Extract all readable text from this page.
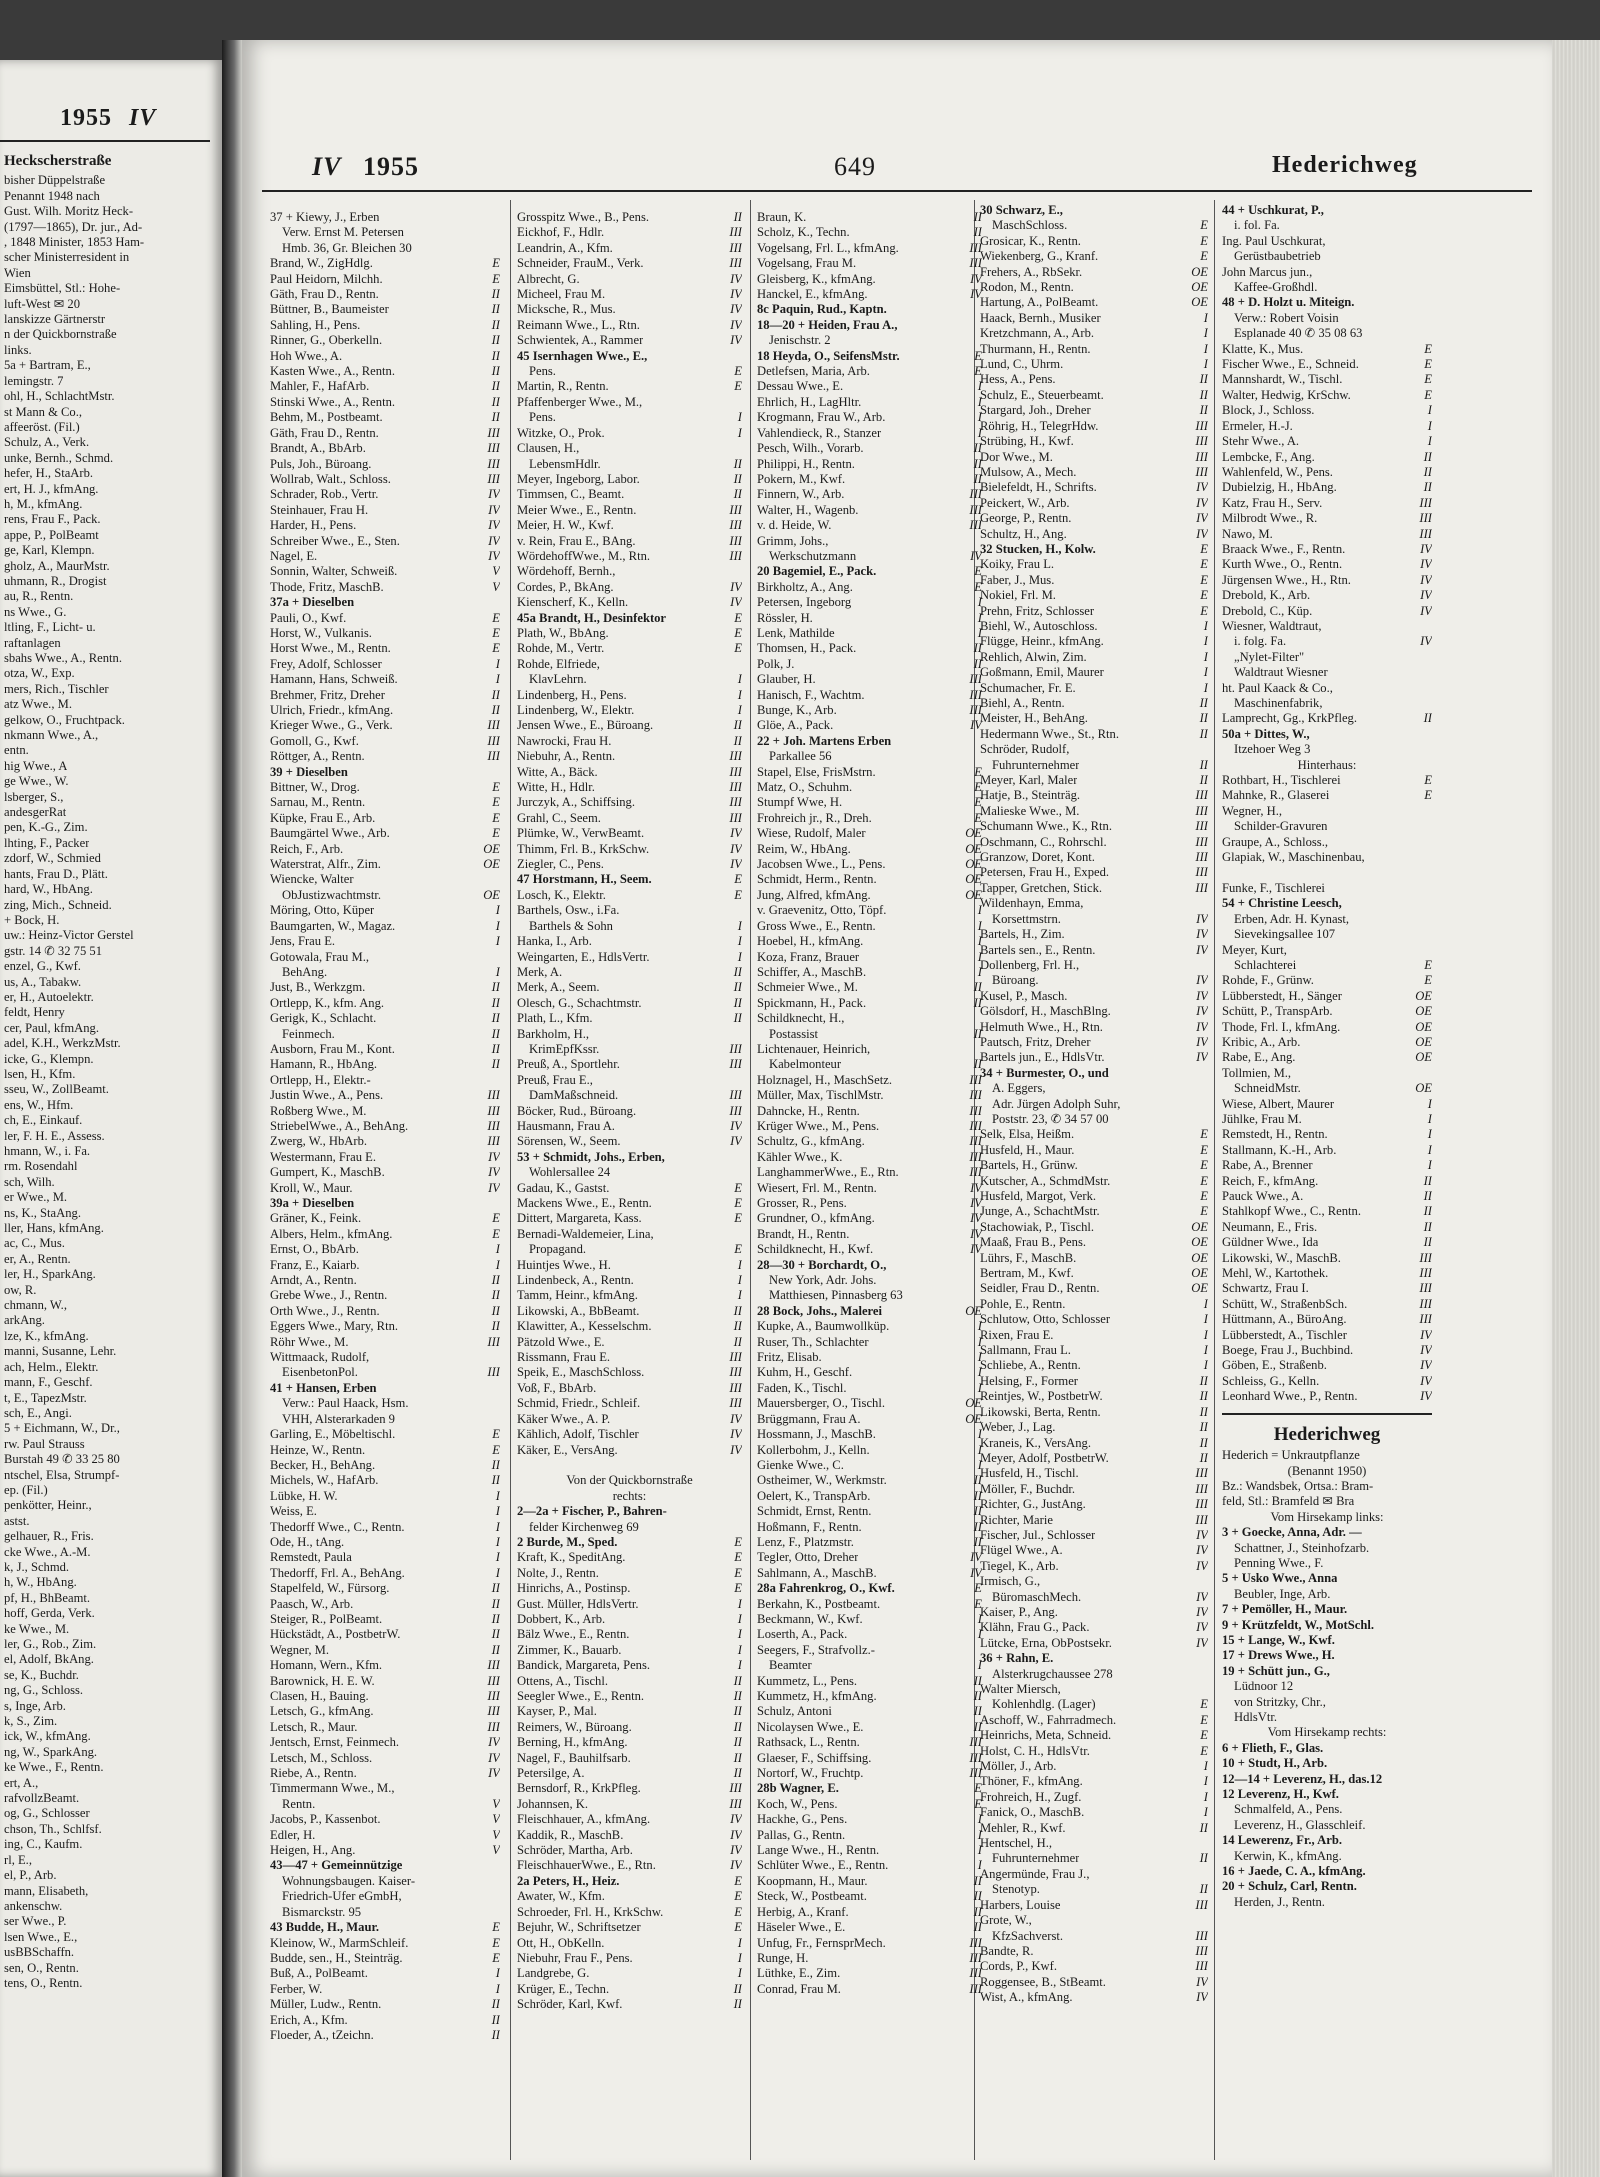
1955 IV
Heckscherstraße
bisher Düppelstraße
Penannt 1948 nach
Gust. Wilh. Moritz Heck-
(1797—1865), Dr. jur., Ad-
, 1848 Minister, 1853 Ham-
scher Ministerresident in
Wien
Eimsbüttel, Stl.: Hohe-
luft-West ✉ 20
lanskizze Gärtnerstr
n der Quickbornstraße
links.
5a + Bartram, E.,
lemingstr. 7
ohl, H., SchlachtMstr.
st Mann & Co.,
affeeröst. (Fil.)
Schulz, A., Verk.
unke, Bernh., Schmd.
hefer, H., StaArb.
ert, H. J., kfmAng.
h, M., kfmAng.
rens, Frau F., Pack.
appe, P., PolBeamt
ge, Karl, Klempn.
gholz, A., MaurMstr.
uhmann, R., Drogist
au, R., Rentn.
ns Wwe., G.
ltling, F., Licht- u.
raftanlagen
sbahs Wwe., A., Rentn.
otza, W., Exp.
mers, Rich., Tischler
atz Wwe., M.
gelkow, O., Fruchtpack.
nkmann Wwe., A.,
entn.
hig Wwe., A
ge Wwe., W.
lsberger, S.,
andesgerRat
pen, K.-G., Zim.
lhting, F., Packer
zdorf, W., Schmied
hants, Frau D., Plätt.
hard, W., HbAng.
zing, Mich., Schneid.
+ Bock, H.
uw.: Heinz-Victor Gerstel
gstr. 14 ✆ 32 75 51
enzel, G., Kwf.
us, A., Tabakw.
er, H., Autoelektr.
feldt, Henry
cer, Paul, kfmAng.
adel, K.H., WerkzMstr.
icke, G., Klempn.
lsen, H., Kfm.
sseu, W., ZollBeamt.
ens, W., Hfm.
ch, E., Einkauf.
ler, F. H. E., Assess.
hmann, W., i. Fa.
rm. Rosendahl
sch, Wilh.
er Wwe., M.
ns, K., StaAng.
ller, Hans, kfmAng.
ac, C., Mus.
er, A., Rentn.
ler, H., SparkAng.
ow, R.
chmann, W.,
arkAng.
lze, K., kfmAng.
manni, Susanne, Lehr.
ach, Helm., Elektr.
mann, F., Geschf.
t, E., TapezMstr.
sch, E., Angi.
5 + Eichmann, W., Dr.,
rw. Paul Strauss
Burstah 49 ✆ 33 25 80
ntschel, Elsa, Strumpf-
ep. (Fil.)
penkötter, Heinr.,
astst.
gelhauer, R., Fris.
cke Wwe., A.-M.
k, J., Schmd.
h, W., HbAng.
pf, H., BhBeamt.
hoff, Gerda, Verk.
ke Wwe., M.
ler, G., Rob., Zim.
el, Adolf, BkAng.
se, K., Buchdr.
ng, G., Schloss.
s, Inge, Arb.
k, S., Zim.
ick, W., kfmAng.
ng, W., SparkAng.
ke Wwe., F., Rentn.
ert, A.,
rafvollzBeamt.
og, G., Schlosser
chson, Th., Schlfsf.
ing, C., Kaufm.
rl, E.,
el, P., Arb.
mann, Elisabeth,
ankenschw.
ser Wwe., P.
lsen Wwe., E.,
usBBSchaffn.
sen, O., Rentn.
tens, O., Rentn.
IV 1955	649	Hederichweg
37 + Kiewy, J., Erben
Verw. Ernst M. Petersen
Hmb. 36, Gr. Bleichen 30
Brand, W., ZigHdlg.	E
Paul Heidorn, Milchh.	E
Gäth, Frau D., Rentn.	II
Büttner, B., Baumeister	II
Sahling, H., Pens.	II
Rinner, G., Oberkelln.	II
Hoh Wwe., A.	II
Kasten Wwe., A., Rentn.	II
Mahler, F., HafArb.	II
Stinski Wwe., A., Rentn.	II
Behm, M., Postbeamt.	II
Gäth, Frau D., Rentn.	III
Brandt, A., BbArb.	III
Puls, Joh., Büroang.	III
Wollrab, Walt., Schloss.	III
Schrader, Rob., Vertr.	IV
Steinhauer, Frau H.	IV
Harder, H., Pens.	IV
Schreiber Wwe., E., Sten.	IV
Nagel, E.	IV
Sonnin, Walter, Schweiß.	V
Thode, Fritz, MaschB.	V
37a + Dieselben
Pauli, O., Kwf.	E
Horst, W., Vulkanis.	E
Horst Wwe., M., Rentn.	E
Frey, Adolf, Schlosser	I
Hamann, Hans, Schweiß.	I
Brehmer, Fritz, Dreher	II
Ulrich, Friedr., kfmAng.	II
Krieger Wwe., G., Verk.	III
Gomoll, G., Kwf.	III
Röttger, A., Rentn.	III
39 + Dieselben
Bittner, W., Drog.	E
Sarnau, M., Rentn.	E
Küpke, Frau E., Arb.	E
Baumgärtel Wwe., Arb.	E
Reich, F., Arb.	OE
Waterstrat, Alfr., Zim.	OE
Wiencke, Walter
ObJustizwachtmstr.	OE
Möring, Otto, Küper	I
Baumgarten, W., Magaz.	I
Jens, Frau E.	I
Gotowala, Frau M.,
BehAng.	I
Just, B., Werkzgm.	II
Ortlepp, K., kfm. Ang.	II
Gerigk, K., Schlacht.	II
Feinmech.	II
Ausborn, Frau M., Kont.	II
Hamann, R., HbAng.	II
Ortlepp, H., Elektr.-
Justin Wwe., A., Pens.	III
Roßberg Wwe., M.	III
StriebelWwe., A., BehAng.	III
Zwerg, W., HbArb.	III
Westermann, Frau E.	IV
Gumpert, K., MaschB.	IV
Kroll, W., Maur.	IV
39a + Dieselben
Gräner, K., Feink.	E
Albers, Helm., kfmAng.	E
Ernst, O., BbArb.	I
Franz, E., Kaiarb.	I
Arndt, A., Rentn.	II
Grebe Wwe., J., Rentn.	II
Orth Wwe., J., Rentn.	II
Eggers Wwe., Mary, Rtn.	II
Röhr Wwe., M.	III
Wittmaack, Rudolf,
EisenbetonPol.	III
41 + Hansen, Erben
Verw.: Paul Haack, Hsm.
VHH, Alsterarkaden 9
Garling, E., Möbeltischl.	E
Heinze, W., Rentn.	E
Becker, H., BehAng.	II
Michels, W., HafArb.	II
Lübke, H. W.	I
Weiss, E.	I
Thedorff Wwe., C., Rentn.	I
Ode, H., tAng.	I
Remstedt, Paula	I
Thedorff, Frl. A., BehAng.	I
Stapelfeld, W., Fürsorg.	II
Paasch, W., Arb.	II
Steiger, R., PolBeamt.	II
Hückstädt, A., PostbetrW.	II
Wegner, M.	II
Homann, Wern., Kfm.	III
Barownick, H. E. W.	III
Clasen, H., Bauing.	III
Letsch, G., kfmAng.	III
Letsch, R., Maur.	III
Jentsch, Ernst, Feinmech.	IV
Letsch, M., Schloss.	IV
Riebe, A., Rentn.	IV
Timmermann Wwe., M.,
Rentn.	V
Jacobs, P., Kassenbot.	V
Edler, H.	V
Heigen, H., Ang.	V
43—47 + Gemeinnützige
Wohnungsbaugen. Kaiser-
Friedrich-Ufer eGmbH,
Bismarckstr. 95
43 Budde, H., Maur.	E
Kleinow, W., MarmSchleif.	E
Budde, sen., H., Steinträg.	E
Buß, A., PolBeamt.	I
Ferber, W.	I
Müller, Ludw., Rentn.	II
Erich, A., Kfm.	II
Floeder, A., tZeichn.	II
Grosspitz Wwe., B., Pens.	II
Eickhof, F., Hdlr.	III
Leandrin, A., Kfm.	III
Schneider, FrauM., Verk.	III
Albrecht, G.	IV
Micheel, Frau M.	IV
Micksche, R., Mus.	IV
Reimann Wwe., L., Rtn.	IV
Schwientek, A., Rammer	IV
45 Isernhagen Wwe., E.,
Pens.	E
Martin, R., Rentn.	E
Pfaffenberger Wwe., M.,
Pens.	I
Witzke, O., Prok.	I
Clausen, H.,
LebensmHdlr.	II
Meyer, Ingeborg, Labor.	II
Timmsen, C., Beamt.	II
Meier Wwe., E., Rentn.	III
Meier, H. W., Kwf.	III
v. Rein, Frau E., BAng.	III
WördehoffWwe., M., Rtn.	III
Wördehoff, Bernh.,
Cordes, P., BkAng.	IV
Kienscherf, K., Kelln.	IV
45a Brandt, H., Desinfektor	E
Plath, W., BbAng.	E
Rohde, M., Vertr.	E
Rohde, Elfriede,
KlavLehrn.	I
Lindenberg, H., Pens.	I
Lindenberg, W., Elektr.	I
Jensen Wwe., E., Büroang.	II
Nawrocki, Frau H.	II
Niebuhr, A., Rentn.	III
Witte, A., Bäck.	III
Witte, H., Hdlr.	III
Jurczyk, A., Schiffsing.	III
Grahl, C., Seem.	III
Plümke, W., VerwBeamt.	IV
Thimm, Frl. B., KrkSchw.	IV
Ziegler, C., Pens.	IV
47 Horstmann, H., Seem.	E
Losch, K., Elektr.	E
Barthels, Osw., i.Fa.
Barthels & Sohn	I
Hanka, I., Arb.	I
Weingarten, E., HdlsVertr.	I
Merk, A.	II
Merk, A., Seem.	II
Olesch, G., Schachtmstr.	II
Plath, L., Kfm.	II
Barkholm, H.,
KrimEpfKssr.	III
Preuß, A., Sportlehr.	III
Preuß, Frau E.,
DamMaßschneid.	III
Böcker, Rud., Büroang.	III
Hausmann, Frau A.	IV
Sörensen, W., Seem.	IV
53 + Schmidt, Johs., Erben,
Wohlersallee 24
Gadau, K., Gastst.	E
Mackens Wwe., E., Rentn.	E
Dittert, Margareta, Kass.	E
Bernadi-Waldemeier, Lina,
Propagand.	E
Huintjes Wwe., H.	I
Lindenbeck, A., Rentn.	I
Tamm, Heinr., kfmAng.	I
Likowski, A., BbBeamt.	II
Klawitter, A., Kesselschm.	II
Pätzold Wwe., E.	II
Rissmann, Frau E.	III
Speik, E., MaschSchloss.	III
Voß, F., BbArb.	III
Schmid, Friedr., Schleif.	III
Käker Wwe., A. P.	IV
Kählich, Adolf, Tischler	IV
Käker, E., VersAng.	IV

Von der Quickbornstraße
rechts:
2—2a + Fischer, P., Bahren-
felder Kirchenweg 69
2 Burde, M., Sped.	E
Kraft, K., SpeditAng.	E
Nolte, J., Rentn.	E
Hinrichs, A., Postinsp.	E
Gust. Müller, HdlsVertr.	I
Dobbert, K., Arb.	I
Bälz Wwe., E., Rentn.	I
Zimmer, K., Bauarb.	I
Bandick, Margareta, Pens.	I
Ottens, A., Tischl.	II
Seegler Wwe., E., Rentn.	II
Kayser, P., Mal.	II
Reimers, W., Büroang.	II
Berning, H., kfmAng.	II
Nagel, F., Bauhilfsarb.	II
Petersilge, A.	II
Bernsdorf, R., KrkPfleg.	III
Johannsen, K.	III
Fleischhauer, A., kfmAng.	IV
Kaddik, R., MaschB.	IV
Schröder, Martha, Arb.	IV
FleischhauerWwe., E., Rtn.	IV
2a Peters, H., Heiz.	E
Awater, W., Kfm.	E
Schroeder, Frl. H., KrkSchw.	E
Bejuhr, W., Schriftsetzer	E
Ott, H., ObKelln.	I
Niebuhr, Frau F., Pens.	I
Landgrebe, G.	I
Krüger, E., Techn.	II
Schröder, Karl, Kwf.	II
Braun, K.	II
Scholz, K., Techn.	II
Vogelsang, Frl. L., kfmAng.	III
Vogelsang, Frau M.	III
Gleisberg, K., kfmAng.	IV
Hanckel, E., kfmAng.	IV
8c Paquin, Rud., Kaptn.
18—20 + Heiden, Frau A.,
Jenischstr. 2
18 Heyda, O., SeifensMstr.	E
Detlefsen, Maria, Arb.	E
Dessau Wwe., E.	I
Ehrlich, H., LagHltr.	I
Krogmann, Frau W., Arb.	I
Vahlendieck, R., Stanzer	I
Pesch, Wilh., Vorarb.	II
Philippi, H., Rentn.	II
Pokern, M., Kwf.	II
Finnern, W., Arb.	III
Walter, H., Wagenb.	III
v. d. Heide, W.	III
Grimm, Johs.,
Werkschutzmann	IV
20 Bagemiel, E., Pack.	E
Birkholtz, A., Ang.	E
Petersen, Ingeborg	I
Rössler, H.	I
Lenk, Mathilde	I
Thomsen, H., Pack.	II
Polk, J.	II
Glauber, H.	III
Hanisch, F., Wachtm.	III
Bunge, K., Arb.	III
Glöe, A., Pack.	IV
22 + Joh. Martens Erben
Parkallee 56
Stapel, Else, FrisMstrn.	E
Matz, O., Schuhm.	E
Stumpf Wwe, H.	E
Frohreich jr., R., Dreh.	E
Wiese, Rudolf, Maler	OE
Reim, W., HbAng.	OE
Jacobsen Wwe., L., Pens.	OE
Schmidt, Herm., Rentn.	OE
Jung, Alfred, kfmAng.	OE
v. Graevenitz, Otto, Töpf.	I
Gross Wwe., E., Rentn.	I
Hoebel, H., kfmAng.	I
Koza, Franz, Brauer	I
Schiffer, A., MaschB.	I
Schmeier Wwe., M.	II
Spickmann, H., Pack.	II
Schildknecht, H.,
Postassist	II
Lichtenauer, Heinrich,
Kabelmonteur	II
Holznagel, H., MaschSetz.	III
Müller, Max, TischlMstr.	III
Dahncke, H., Rentn.	III
Krüger Wwe., M., Pens.	III
Schultz, G., kfmAng.	III
Kähler Wwe., K.	III
LanghammerWwe., E., Rtn.	III
Wiesert, Frl. M., Rentn.	IV
Grosser, R., Pens.	IV
Grundner, O., kfmAng.	IV
Brandt, H., Rentn.	IV
Schildknecht, H., Kwf.	IV
28—30 + Borchardt, O.,
New York, Adr. Johs.
Matthiesen, Pinnasberg 63
28 Bock, Johs., Malerei	OE
Kupke, A., Baumwollküp.	I
Ruser, Th., Schlachter	I
Fritz, Elisab.	I
Kuhm, H., Geschf.	I
Faden, K., Tischl.	I
Mauersberger, O., Tischl.	OE
Brüggmann, Frau A.	OE
Hossmann, J., MaschB.	I
Kollerbohm, J., Kelln.	I
Gienke Wwe., C.	I
Ostheimer, W., Werkmstr.	II
Oelert, K., TranspArb.	II
Schmidt, Ernst, Rentn.	II
Hoßmann, F., Rentn.	II
Lenz, F., Platzmstr.	II
Tegler, Otto, Dreher	IV
Sahlmann, A., MaschB.	IV
28a Fahrenkrog, O., Kwf.	E
Berkahn, K., Postbeamt.	E
Beckmann, W., Kwf.	I
Loserth, A., Pack.	I
Seegers, F., Strafvollz.-
Beamter	I
Kummetz, L., Pens.	II
Kummetz, H., kfmAng.	II
Schulz, Antoni	II
Nicolaysen Wwe., E.	II
Rathsack, L., Rentn.	III
Glaeser, F., Schiffsing.	III
Nortorf, W., Fruchtp.	III
28b Wagner, E.	E
Koch, W., Pens.	E
Hackhe, G., Pens.	I
Pallas, G., Rentn.	I
Lange Wwe., H., Rentn.	I
Schlüter Wwe., E., Rentn.	I
Koopmann, H., Maur.	II
Steck, W., Postbeamt.	II
Herbig, A., Kranf.	II
Häseler Wwe., E.	II
Unfug, Fr., FernsprMech.	III
Runge, H.	III
Lüthke, E., Zim.	III
Conrad, Frau M.	III
30 Schwarz, E.,
MaschSchloss.	E
Grosicar, K., Rentn.	E
Wiekenberg, G., Kranf.	E
Frehers, A., RbSekr.	OE
Rodon, M., Rentn.	OE
Hartung, A., PolBeamt.	OE
Haack, Bernh., Musiker	I
Kretzchmann, A., Arb.	I
Thurmann, H., Rentn.	I
Lund, C., Uhrm.	I
Hess, A., Pens.	II
Schulz, E., Steuerbeamt.	II
Stargard, Joh., Dreher	II
Röhrig, H., TelegrHdw.	III
Strübing, H., Kwf.	III
Dor Wwe., M.	III
Mulsow, A., Mech.	III
Bielefeldt, H., Schrifts.	IV
Peickert, W., Arb.	IV
George, P., Rentn.	IV
Schultz, H., Ang.	IV
32 Stucken, H., Kolw.	E
Koiky, Frau L.	E
Faber, J., Mus.	E
Nokiel, Frl. M.	E
Prehn, Fritz, Schlosser	E
Biehl, W., Autoschloss.	I
Flügge, Heinr., kfmAng.	I
Rehlich, Alwin, Zim.	I
Goßmann, Emil, Maurer	I
Schumacher, Fr. E.	I
Biehl, A., Rentn.	II
Meister, H., BehAng.	II
Hedermann Wwe., St., Rtn.	II
Schröder, Rudolf,
Fuhrunternehmer	II
Meyer, Karl, Maler	II
Hatje, B., Steinträg.	III
Malieske Wwe., M.	III
Schumann Wwe., K., Rtn.	III
Oschmann, C., Rohrschl.	III
Granzow, Doret, Kont.	III
Petersen, Frau H., Exped.	III
Tapper, Gretchen, Stick.	III
Wildenhayn, Emma,
Korsettmstrn.	IV
Bartels, H., Zim.	IV
Bartels sen., E., Rentn.	IV
Dollenberg, Frl. H.,
Büroang.	IV
Kusel, P., Masch.	IV
Gölsdorf, H., MaschBlng.	IV
Helmuth Wwe., H., Rtn.	IV
Pautsch, Fritz, Dreher	IV
Bartels jun., E., HdlsVtr.	IV
34 + Burmester, O., und
A. Eggers,
Adr. Jürgen Adolph Suhr,
Poststr. 23, ✆ 34 57 00
Selk, Elsa, Heißm.	E
Husfeld, H., Maur.	E
Bartels, H., Grünw.	E
Kutscher, A., SchmdMstr.	E
Husfeld, Margot, Verk.	E
Junge, A., SchachtMstr.	E
Stachowiak, P., Tischl.	OE
Maaß, Frau B., Pens.	OE
Lührs, F., MaschB.	OE
Bertram, M., Kwf.	OE
Seidler, Frau D., Rentn.	OE
Pohle, E., Rentn.	I
Schlutow, Otto, Schlosser	I
Rixen, Frau E.	I
Sallmann, Frau L.	I
Schliebe, A., Rentn.	I
Helsing, F., Former	II
Reintjes, W., PostbetrW.	II
Likowski, Berta, Rentn.	II
Weber, J., Lag.	II
Kraneis, K., VersAng.	II
Meyer, Adolf, PostbetrW.	II
Husfeld, H., Tischl.	III
Möller, F., Buchdr.	III
Richter, G., JustAng.	III
Richter, Marie	III
Fischer, Jul., Schlosser	IV
Flügel Wwe., A.	IV
Tiegel, K., Arb.	IV
Irmisch, G.,
BüromaschMech.	IV
Kaiser, P., Ang.	IV
Klähn, Frau G., Pack.	IV
Lütcke, Erna, ObPostsekr.	IV
36 + Rahn, E.
Alsterkrugchaussee 278
Walter Miersch,
Kohlenhdlg. (Lager)	E
Aschoff, W., Fahrradmech.	E
Heinrichs, Meta, Schneid.	E
Holst, C. H., HdlsVtr.	E
Möller, J., Arb.	I
Thöner, F., kfmAng.	I
Frohreich, H., Zugf.	I
Fanick, O., MaschB.	I
Mehler, R., Kwf.	II
Hentschel, H.,
Fuhrunternehmer	II
Angermünde, Frau J.,
Stenotyp.	II
Harbers, Louise	III
Grote, W.,
KfzSachverst.	III
Bandte, R.	III
Cords, P., Kwf.	III
Roggensee, B., StBeamt.	IV
Wist, A., kfmAng.	IV
44 + Uschkurat, P.,
i. fol. Fa.
Ing. Paul Uschkurat,
Gerüstbaubetrieb
John Marcus jun.,
Kaffee-Großhdl.
48 + D. Holzt u. Miteign.
Verw.: Robert Voisin
Esplanade 40 ✆ 35 08 63
Klatte, K., Mus.	E
Fischer Wwe., E., Schneid.	E
Mannshardt, W., Tischl.	E
Walter, Hedwig, KrSchw.	E
Block, J., Schloss.	I
Ermeler, H.-J.	I
Stehr Wwe., A.	I
Lembcke, F., Ang.	II
Wahlenfeld, W., Pens.	II
Dubielzig, H., HbAng.	II
Katz, Frau H., Serv.	III
Milbrodt Wwe., R.	III
Nawo, M.	III
Braack Wwe., F., Rentn.	IV
Kurth Wwe., O., Rentn.	IV
Jürgensen Wwe., H., Rtn.	IV
Drebold, K., Arb.	IV
Drebold, C., Küp.	IV
Wiesner, Waldtraut,
i. folg. Fa.	IV
„Nylet-Filter"
Waldtraut Wiesner
ht. Paul Kaack & Co.,
Maschinenfabrik,
Lamprecht, Gg., KrkPfleg.	II
50a + Dittes, W.,
Itzehoer Weg 3
Hinterhaus:
Rothbart, H., Tischlerei	E
Mahnke, R., Glaserei	E
Wegner, H.,
Schilder-Gravuren
Graupe, A., Schloss.,
Glapiak, W., Maschinenbau,

Funke, F., Tischlerei
54 + Christine Leesch,
Erben, Adr. H. Kynast,
Sievekingsallee 107
Meyer, Kurt,
Schlachterei	E
Rohde, F., Grünw.	E
Lübberstedt, H., Sänger	OE
Schütt, P., TranspArb.	OE
Thode, Frl. I., kfmAng.	OE
Kribic, A., Arb.	OE
Rabe, E., Ang.	OE
Tollmien, M.,
SchneidMstr.	OE
Wiese, Albert, Maurer	I
Jühlke, Frau M.	I
Remstedt, H., Rentn.	I
Stallmann, K.-H., Arb.	I
Rabe, A., Brenner	I
Reich, F., kfmAng.	II
Pauck Wwe., A.	II
Stahlkopf Wwe., C., Rentn.	II
Neumann, E., Fris.	II
Güldner Wwe., Ida	II
Likowski, W., MaschB.	III
Mehl, W., Kartothek.	III
Schwartz, Frau I.	III
Schütt, W., StraßenbSch.	III
Hüttmann, A., BüroAng.	III
Lübberstedt, A., Tischler	IV
Boege, Frau J., Buchbind.	IV
Göben, E., Straßenb.	IV
Schleiss, G., Kelln.	IV
Leonhard Wwe., P., Rentn.	IV
Hederichweg
Hederich = Unkrautpflanze
(Benannt 1950)
Bz.: Wandsbek, Ortsa.: Bram-
feld, Stl.: Bramfeld ✉ Bra
Vom Hirsekamp links:
3 + Goecke, Anna, Adr. —
Schattner, J., Steinhofzarb.
Penning Wwe., F.
5 + Usko Wwe., Anna
Beubler, Inge, Arb.
7 + Pemöller, H., Maur.
9 + Krützfeldt, W., MotSchl.
15 + Lange, W., Kwf.
17 + Drews Wwe., H.
19 + Schütt jun., G.,
Lüdnoor 12
von Stritzky, Chr.,
HdlsVtr.
Vom Hirsekamp rechts:
6 + Flieth, F., Glas.
10 + Studt, H., Arb.
12—14 + Leverenz, H., das.12
12 Leverenz, H., Kwf.
Schmalfeld, A., Pens.
Leverenz, H., Glasschleif.
14 Lewerenz, Fr., Arb.
Kerwin, K., kfmAng.
16 + Jaede, C. A., kfmAng.
20 + Schulz, Carl, Rentn.
Herden, J., Rentn.
